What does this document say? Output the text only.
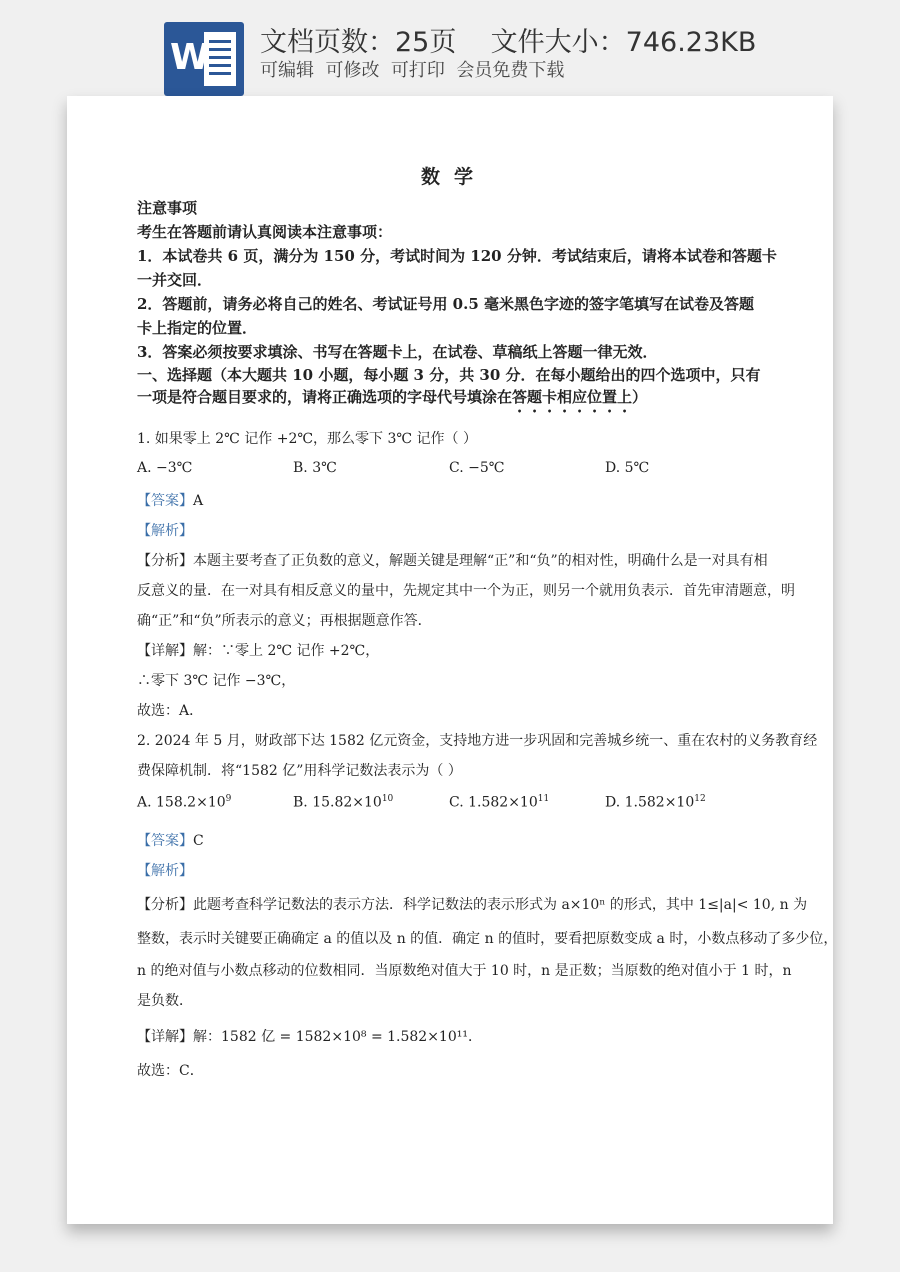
W 文档页数：25页    文件大小：746.23KB
可编辑  可修改  可打印  会员免费下载
数学
注意事项
考生在答题前请认真阅读本注意事项：
1．本试卷共 6 页，满分为 150 分，考试时间为 120 分钟．考试结束后，请将本试卷和答题卡
一并交回．
2．答题前，请务必将自己的姓名、考试证号用 0.5 毫米黑色字迹的签字笔填写在试卷及答题
卡上指定的位置．
3．答案必须按要求填涂、书写在答题卡上，在试卷、草稿纸上答题一律无效．
一、选择题（本大题共 10 小题，每小题 3 分，共 30 分．在每小题给出的四个选项中，只有
一项是符合题目要求的，请将正确选项的字母代号填涂在答题卡相应位置上）
1. 如果零上 2℃ 记作 +2℃，那么零下 3℃ 记作（ ）
A. −3℃	B. 3℃	C. −5℃	D. 5℃
【答案】A
【解析】
【分析】本题主要考查了正负数的意义，解题关键是理解“正”和“负”的相对性，明确什么是一对具有相
反意义的量．在一对具有相反意义的量中，先规定其中一个为正，则另一个就用负表示．首先审清题意，明
确“正”和“负”所表示的意义；再根据题意作答．
【详解】解：∵零上 2℃ 记作 +2℃，
∴零下 3℃ 记作 −3℃，
故选：A．
2. 2024 年 5 月，财政部下达 1582 亿元资金，支持地方进一步巩固和完善城乡统一、重在农村的义务教育经
费保障机制．将“1582 亿”用科学记数法表示为（ ）
A. $158.2\times 10^9$	B. $15.82\times 10^{10}$	C. $1.582\times 10^{11}$	D. $1.582\times 10^{12}$
【答案】C
【解析】
【分析】此题考查科学记数法的表示方法．科学记数法的表示形式为 a×10ⁿ 的形式，其中 1≤|a|< 10, n 为
整数，表示时关键要正确确定 a 的值以及 n 的值．确定 n 的值时，要看把原数变成 a 时，小数点移动了多少位，
n 的绝对值与小数点移动的位数相同．当原数绝对值大于 10 时，n 是正数；当原数的绝对值小于 1 时，n
是负数．
【详解】解：1582 亿 = 1582×10⁸ = 1.582×10¹¹．
故选：C．
